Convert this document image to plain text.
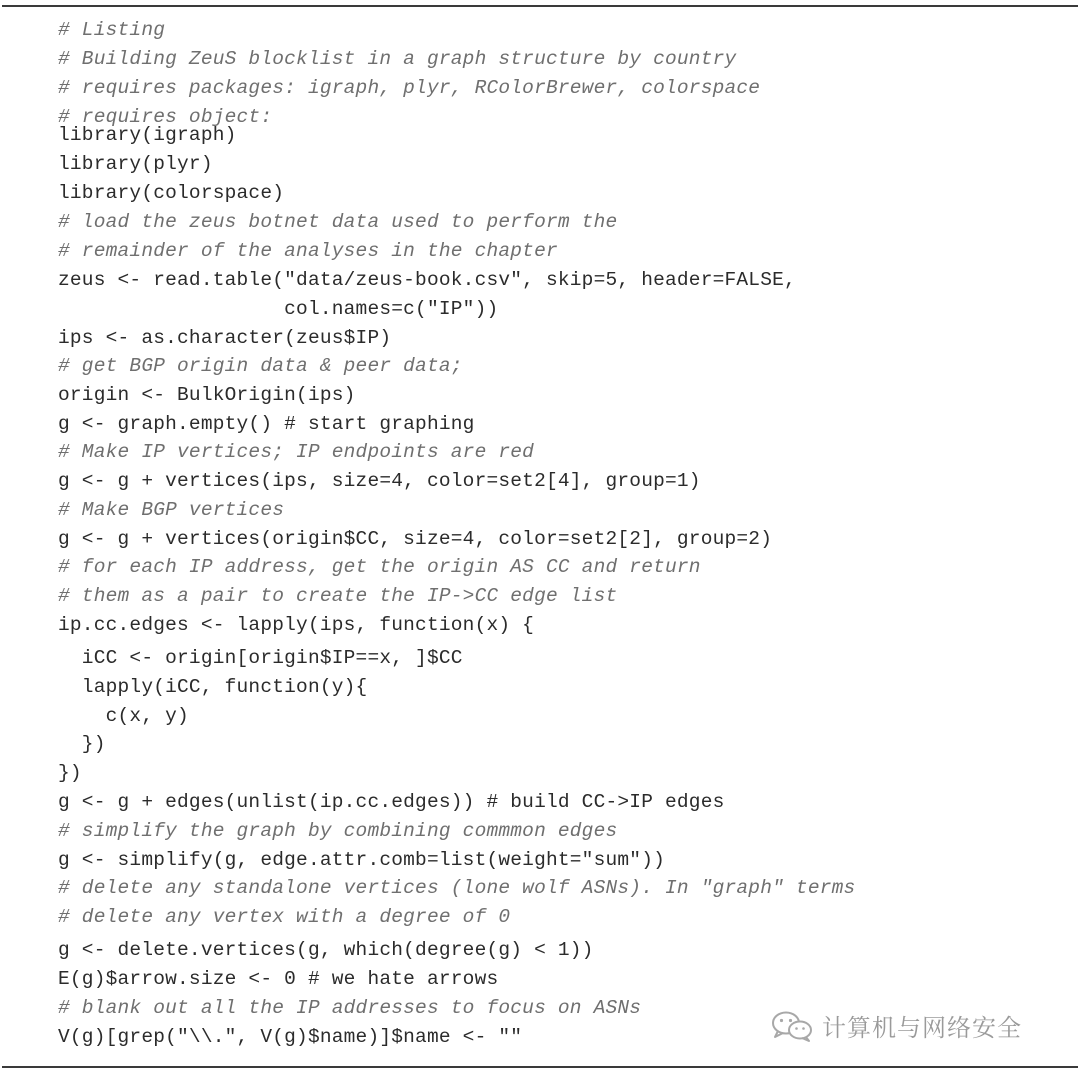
# Listing
# Building ZeuS blocklist in a graph structure by country
# requires packages: igraph, plyr, RColorBrewer, colorspace
# requires object:
library(igraph)
library(plyr)
library(colorspace)
# load the zeus botnet data used to perform the
# remainder of the analyses in the chapter
zeus <- read.table("data/zeus-book.csv", skip=5, header=FALSE,
col.names=c("IP"))
ips <- as.character(zeus$IP)
# get BGP origin data & peer data;
origin <- BulkOrigin(ips)
g <- graph.empty() # start graphing
# Make IP vertices; IP endpoints are red
g <- g + vertices(ips, size=4, color=set2[4], group=1)
# Make BGP vertices
g <- g + vertices(origin$CC, size=4, color=set2[2], group=2)
# for each IP address, get the origin AS CC and return
# them as a pair to create the IP->CC edge list
ip.cc.edges <- lapply(ips, function(x) {
iCC <- origin[origin$IP==x, ]$CC
lapply(iCC, function(y){
c(x, y)
})
})
g <- g + edges(unlist(ip.cc.edges)) # build CC->IP edges
# simplify the graph by combining commmon edges
g <- simplify(g, edge.attr.comb=list(weight="sum"))
# delete any standalone vertices (lone wolf ASNs). In "graph" terms
# delete any vertex with a degree of 0
g <- delete.vertices(g, which(degree(g) < 1))
E(g)$arrow.size <- 0 # we hate arrows
# blank out all the IP addresses to focus on ASNs
V(g)[grep("\\.", V(g)$name)]$name <- ""	计算机与网络安全
